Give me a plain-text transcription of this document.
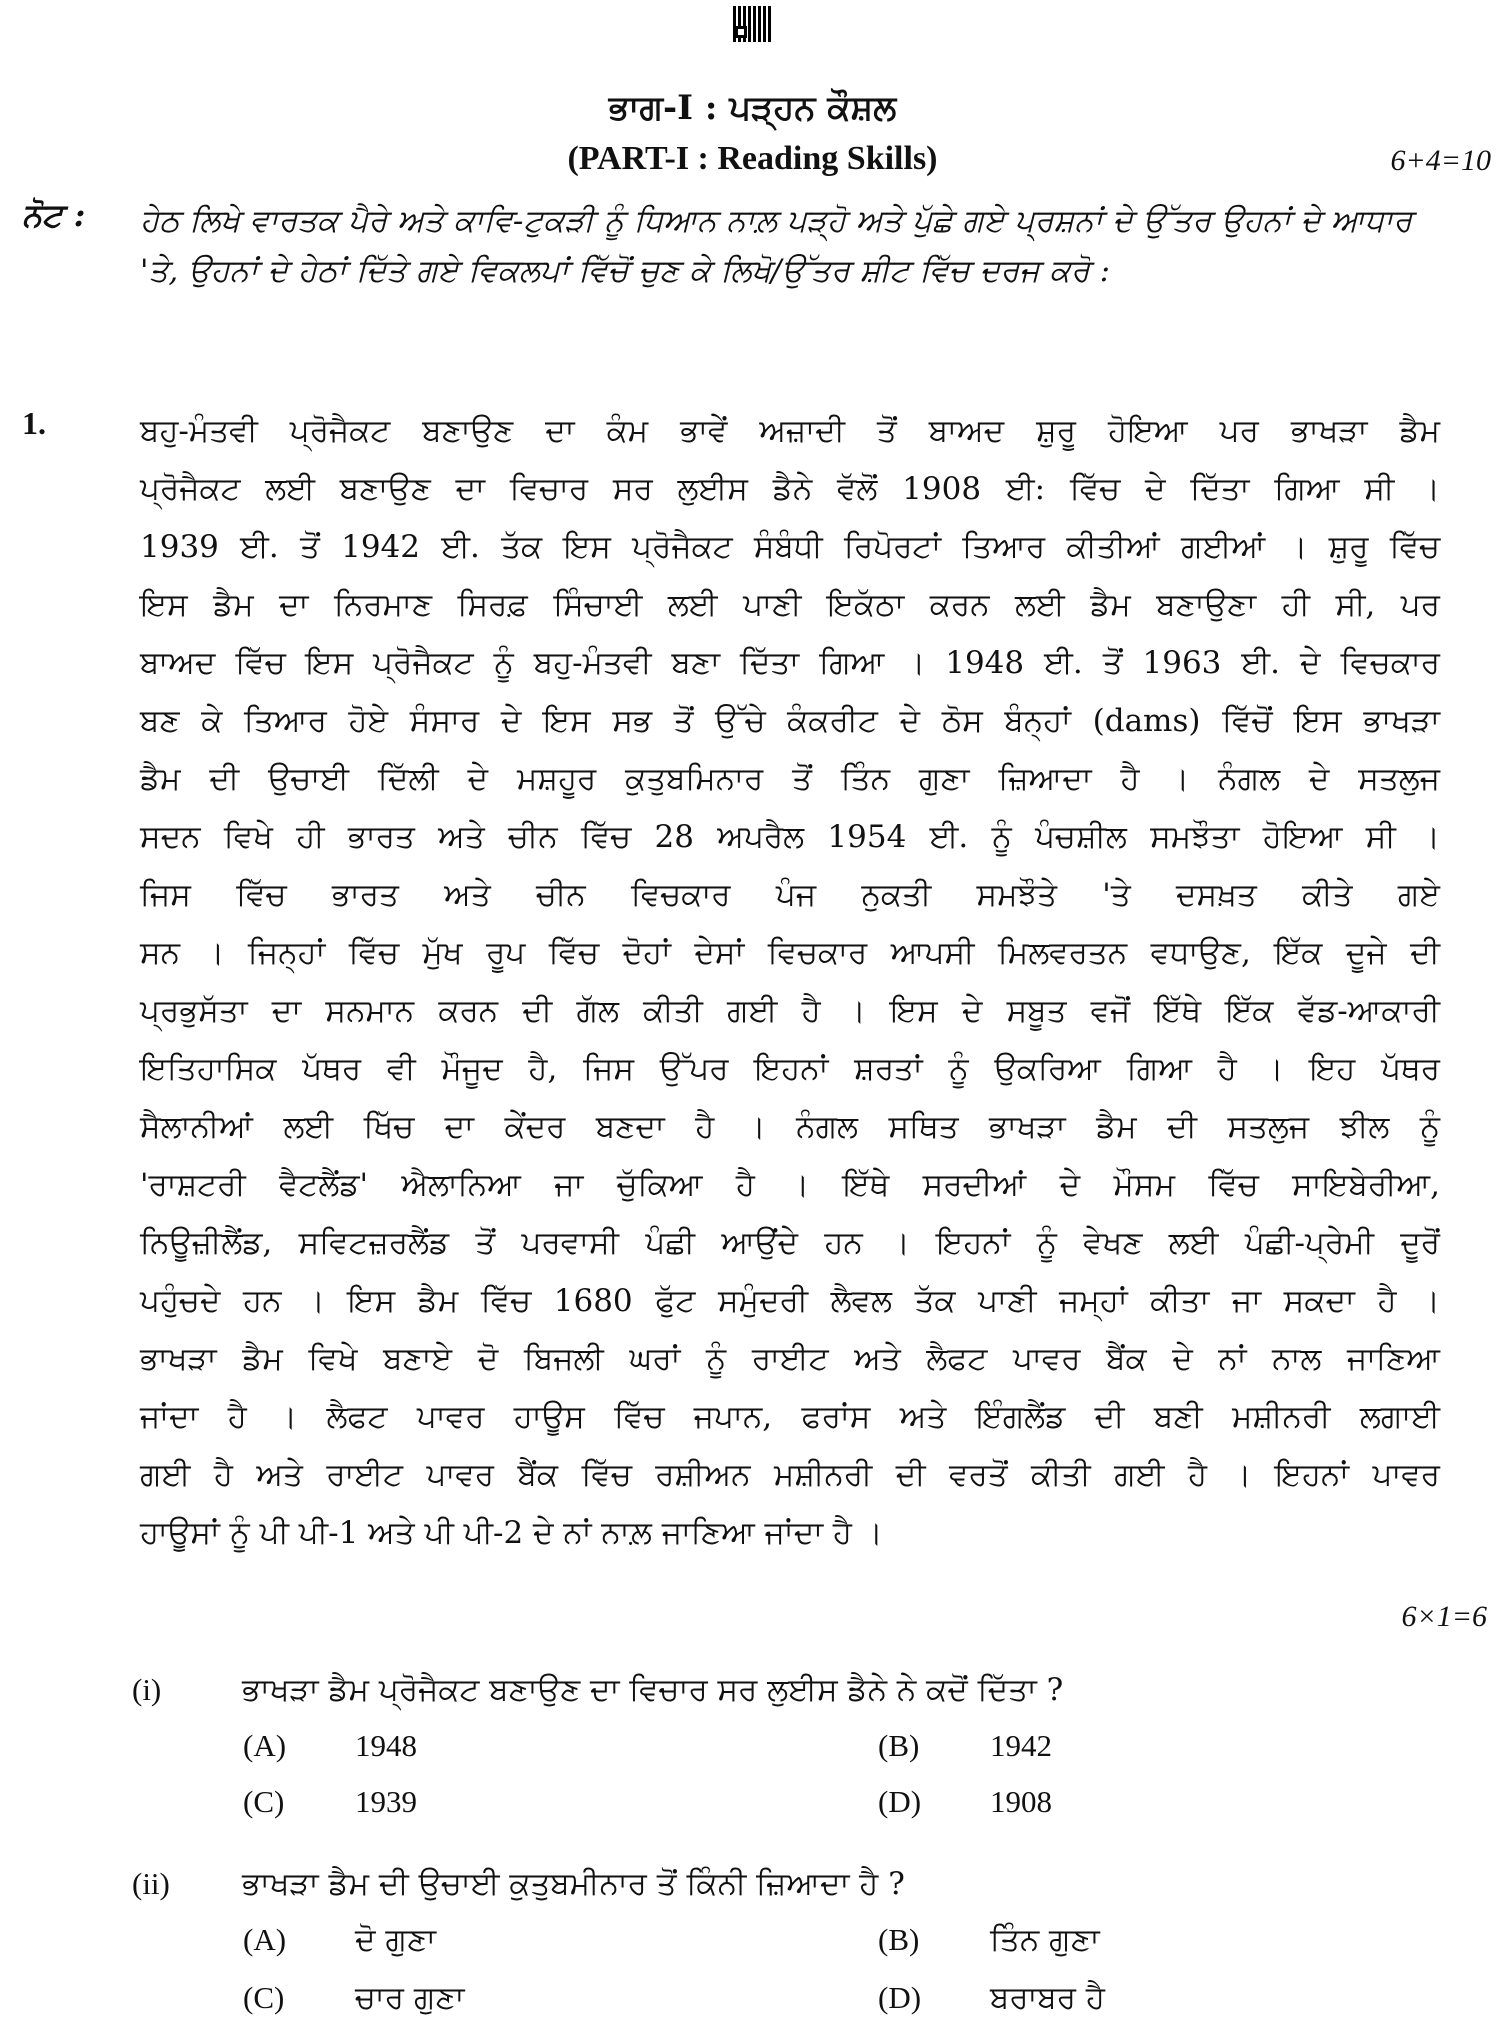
ਭਾਗ-I : ਪੜ੍ਹਨ ਕੌਸ਼ਲ
(PART-I : Reading Skills)	6+4=10
ਨੋਟ : ਹੇਠ ਲਿਖੇ ਵਾਰਤਕ ਪੈਰੇ ਅਤੇ ਕਾਵਿ-ਟੁਕੜੀ ਨੂੰ ਧਿਆਨ ਨਾਲ਼ ਪੜ੍ਹੋ ਅਤੇ ਪੁੱਛੇ ਗਏ ਪ੍ਰਸ਼ਨਾਂ ਦੇ ਉੱਤਰ ਉਹਨਾਂ ਦੇ ਆਧਾਰ 'ਤੇ, ਉਹਨਾਂ ਦੇ ਹੇਠਾਂ ਦਿੱਤੇ ਗਏ ਵਿਕਲਪਾਂ ਵਿੱਚੋਂ ਚੁਣ ਕੇ ਲਿਖੋ/ਉੱਤਰ ਸ਼ੀਟ ਵਿੱਚ ਦਰਜ ਕਰੋ :
1.	ਬਹੁ-ਮੰਤਵੀ ਪ੍ਰੋਜੈਕਟ ਬਣਾਉਣ ਦਾ ਕੰਮ ਭਾਵੇਂ ਅਜ਼ਾਦੀ ਤੋਂ ਬਾਅਦ ਸ਼ੁਰੂ ਹੋਇਆ ਪਰ ਭਾਖੜਾ ਡੈਮ
ਪ੍ਰੋਜੈਕਟ ਲਈ ਬਣਾਉਣ ਦਾ ਵਿਚਾਰ ਸਰ ਲੁਈਸ ਡੈਨੇ ਵੱਲੋਂ 1908 ਈ: ਵਿੱਚ ਦੇ ਦਿੱਤਾ ਗਿਆ ਸੀ ।
1939 ਈ. ਤੋਂ 1942 ਈ. ਤੱਕ ਇਸ ਪ੍ਰੋਜੈਕਟ ਸੰਬੰਧੀ ਰਿਪੋਰਟਾਂ ਤਿਆਰ ਕੀਤੀਆਂ ਗਈਆਂ । ਸ਼ੁਰੂ ਵਿੱਚ
ਇਸ ਡੈਮ ਦਾ ਨਿਰਮਾਣ ਸਿਰਫ਼ ਸਿੰਚਾਈ ਲਈ ਪਾਣੀ ਇਕੱਠਾ ਕਰਨ ਲਈ ਡੈਮ ਬਣਾਉਣਾ ਹੀ ਸੀ, ਪਰ
ਬਾਅਦ ਵਿੱਚ ਇਸ ਪ੍ਰੋਜੈਕਟ ਨੂੰ ਬਹੁ-ਮੰਤਵੀ ਬਣਾ ਦਿੱਤਾ ਗਿਆ । 1948 ਈ. ਤੋਂ 1963 ਈ. ਦੇ ਵਿਚਕਾਰ
ਬਣ ਕੇ ਤਿਆਰ ਹੋਏ ਸੰਸਾਰ ਦੇ ਇਸ ਸਭ ਤੋਂ ਉੱਚੇ ਕੰਕਰੀਟ ਦੇ ਠੋਸ ਬੰਨ੍ਹਾਂ (dams) ਵਿੱਚੋਂ ਇਸ ਭਾਖੜਾ
ਡੈਮ ਦੀ ਉਚਾਈ ਦਿੱਲੀ ਦੇ ਮਸ਼ਹੂਰ ਕੁਤੁਬਮਿਨਾਰ ਤੋਂ ਤਿੰਨ ਗੁਣਾ ਜ਼ਿਆਦਾ ਹੈ । ਨੰਗਲ ਦੇ ਸਤਲੁਜ
ਸਦਨ ਵਿਖੇ ਹੀ ਭਾਰਤ ਅਤੇ ਚੀਨ ਵਿੱਚ 28 ਅਪਰੈਲ 1954 ਈ. ਨੂੰ ਪੰਚਸ਼ੀਲ ਸਮਝੌਤਾ ਹੋਇਆ ਸੀ ।
ਜਿਸ ਵਿੱਚ ਭਾਰਤ ਅਤੇ ਚੀਨ ਵਿਚਕਾਰ ਪੰਜ ਨੁਕਤੀ ਸਮਝੌਤੇ 'ਤੇ ਦਸਖ਼ਤ ਕੀਤੇ ਗਏ
ਸਨ । ਜਿਨ੍ਹਾਂ ਵਿੱਚ ਮੁੱਖ ਰੂਪ ਵਿੱਚ ਦੋਹਾਂ ਦੇਸਾਂ ਵਿਚਕਾਰ ਆਪਸੀ ਮਿਲਵਰਤਨ ਵਧਾਉਣ, ਇੱਕ ਦੂਜੇ ਦੀ
ਪ੍ਰਭੁਸੱਤਾ ਦਾ ਸਨਮਾਨ ਕਰਨ ਦੀ ਗੱਲ ਕੀਤੀ ਗਈ ਹੈ । ਇਸ ਦੇ ਸਬੂਤ ਵਜੋਂ ਇੱਥੇ ਇੱਕ ਵੱਡ-ਆਕਾਰੀ
ਇਤਿਹਾਸਿਕ ਪੱਥਰ ਵੀ ਮੌਜੂਦ ਹੈ, ਜਿਸ ਉੱਪਰ ਇਹਨਾਂ ਸ਼ਰਤਾਂ ਨੂੰ ਉਕਰਿਆ ਗਿਆ ਹੈ । ਇਹ ਪੱਥਰ
ਸੈਲਾਨੀਆਂ ਲਈ ਖਿੱਚ ਦਾ ਕੇਂਦਰ ਬਣਦਾ ਹੈ । ਨੰਗਲ ਸਥਿਤ ਭਾਖੜਾ ਡੈਮ ਦੀ ਸਤਲੁਜ ਝੀਲ ਨੂੰ
'ਰਾਸ਼ਟਰੀ ਵੈਟਲੈਂਡ' ਐਲਾਨਿਆ ਜਾ ਚੁੱਕਿਆ ਹੈ । ਇੱਥੇ ਸਰਦੀਆਂ ਦੇ ਮੌਸਮ ਵਿੱਚ ਸਾਇਬੇਰੀਆ,
ਨਿਊਜ਼ੀਲੈਂਡ, ਸਵਿਟਜ਼ਰਲੈਂਡ ਤੋਂ ਪਰਵਾਸੀ ਪੰਛੀ ਆਉਂਦੇ ਹਨ । ਇਹਨਾਂ ਨੂੰ ਵੇਖਣ ਲਈ ਪੰਛੀ-ਪ੍ਰੇਮੀ ਦੂਰੋਂ
ਪਹੁੰਚਦੇ ਹਨ । ਇਸ ਡੈਮ ਵਿੱਚ 1680 ਫੁੱਟ ਸਮੁੰਦਰੀ ਲੈਵਲ ਤੱਕ ਪਾਣੀ ਜਮ੍ਹਾਂ ਕੀਤਾ ਜਾ ਸਕਦਾ ਹੈ ।
ਭਾਖੜਾ ਡੈਮ ਵਿਖੇ ਬਣਾਏ ਦੋ ਬਿਜਲੀ ਘਰਾਂ ਨੂੰ ਰਾਈਟ ਅਤੇ ਲੈਫਟ ਪਾਵਰ ਬੈਂਕ ਦੇ ਨਾਂ ਨਾਲ ਜਾਣਿਆ
ਜਾਂਦਾ ਹੈ । ਲੈਫਟ ਪਾਵਰ ਹਾਊਸ ਵਿੱਚ ਜਪਾਨ, ਫਰਾਂਸ ਅਤੇ ਇੰਗਲੈਂਡ ਦੀ ਬਣੀ ਮਸ਼ੀਨਰੀ ਲਗਾਈ
ਗਈ ਹੈ ਅਤੇ ਰਾਈਟ ਪਾਵਰ ਬੈਂਕ ਵਿੱਚ ਰਸ਼ੀਅਨ ਮਸ਼ੀਨਰੀ ਦੀ ਵਰਤੋਂ ਕੀਤੀ ਗਈ ਹੈ । ਇਹਨਾਂ ਪਾਵਰ
ਹਾਊਸਾਂ ਨੂੰ ਪੀ ਪੀ-1 ਅਤੇ ਪੀ ਪੀ-2 ਦੇ ਨਾਂ ਨਾਲ਼ ਜਾਣਿਆ ਜਾਂਦਾ ਹੈ ।
6×1=6
(i)	ਭਾਖੜਾ ਡੈਮ ਪ੍ਰੋਜੈਕਟ ਬਣਾਉਣ ਦਾ ਵਿਚਾਰ ਸਰ ਲੁਈਸ ਡੈਨੇ ਨੇ ਕਦੋਂ ਦਿੱਤਾ ?
(A) 1948	(B) 1942
(C) 1939	(D) 1908
(ii) ਭਾਖੜਾ ਡੈਮ ਦੀ ਉਚਾਈ ਕੁਤੁਬਮੀਨਾਰ ਤੋਂ ਕਿੰਨੀ ਜ਼ਿਆਦਾ ਹੈ ?
(A) ਦੋ ਗੁਣਾ	(B) ਤਿੰਨ ਗੁਣਾ
(C) ਚਾਰ ਗੁਣਾ	(D) ਬਰਾਬਰ ਹੈ
